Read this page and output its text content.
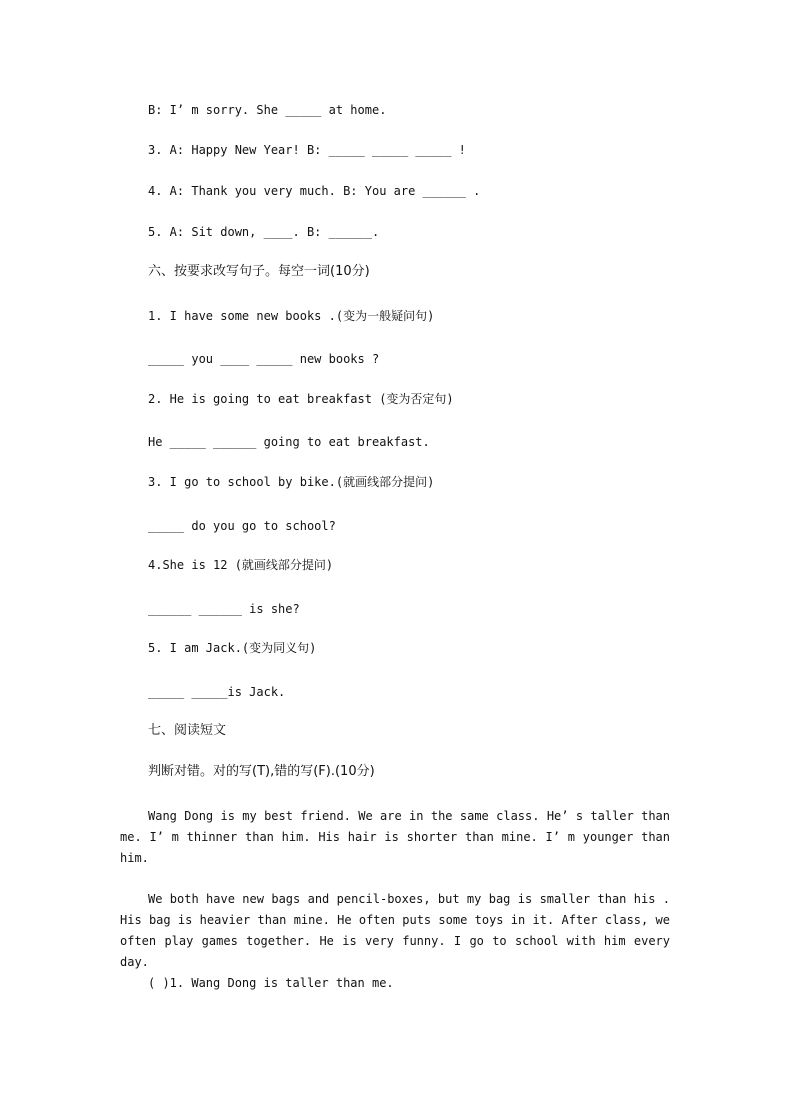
B: I’ m sorry. She _____ at home.
3. A: Happy New Year! B: _____ _____ _____ !
4. A: Thank you very much. B: You are ______ .
5. A: Sit down, ____. B: ______.
六、按要求改写句子。每空一词(10分)
1. I have some new books .(变为一般疑问句)
_____ you ____ _____ new books ?
2. He is going to eat breakfast (变为否定句)
He _____ ______ going to eat breakfast.
3. I go to school by bike.(就画线部分提问)
_____ do you go to school?
4.She is 12 (就画线部分提问)
______ ______ is she?
5. I am Jack.(变为同义句)
_____ _____is Jack.
七、阅读短文
判断对错。对的写(T),错的写(F).(10分)

Wang Dong is my best friend. We are in the same class. He’ s taller than me. I’ m thinner than him. His hair is shorter than mine. I’ m younger than him.

We both have new bags and pencil-boxes, but my bag is smaller than his . His bag is heavier than mine. He often puts some toys in it. After class, we often play games together. He is very funny. I go to school with him every day.

( )1. Wang Dong is taller than me.
